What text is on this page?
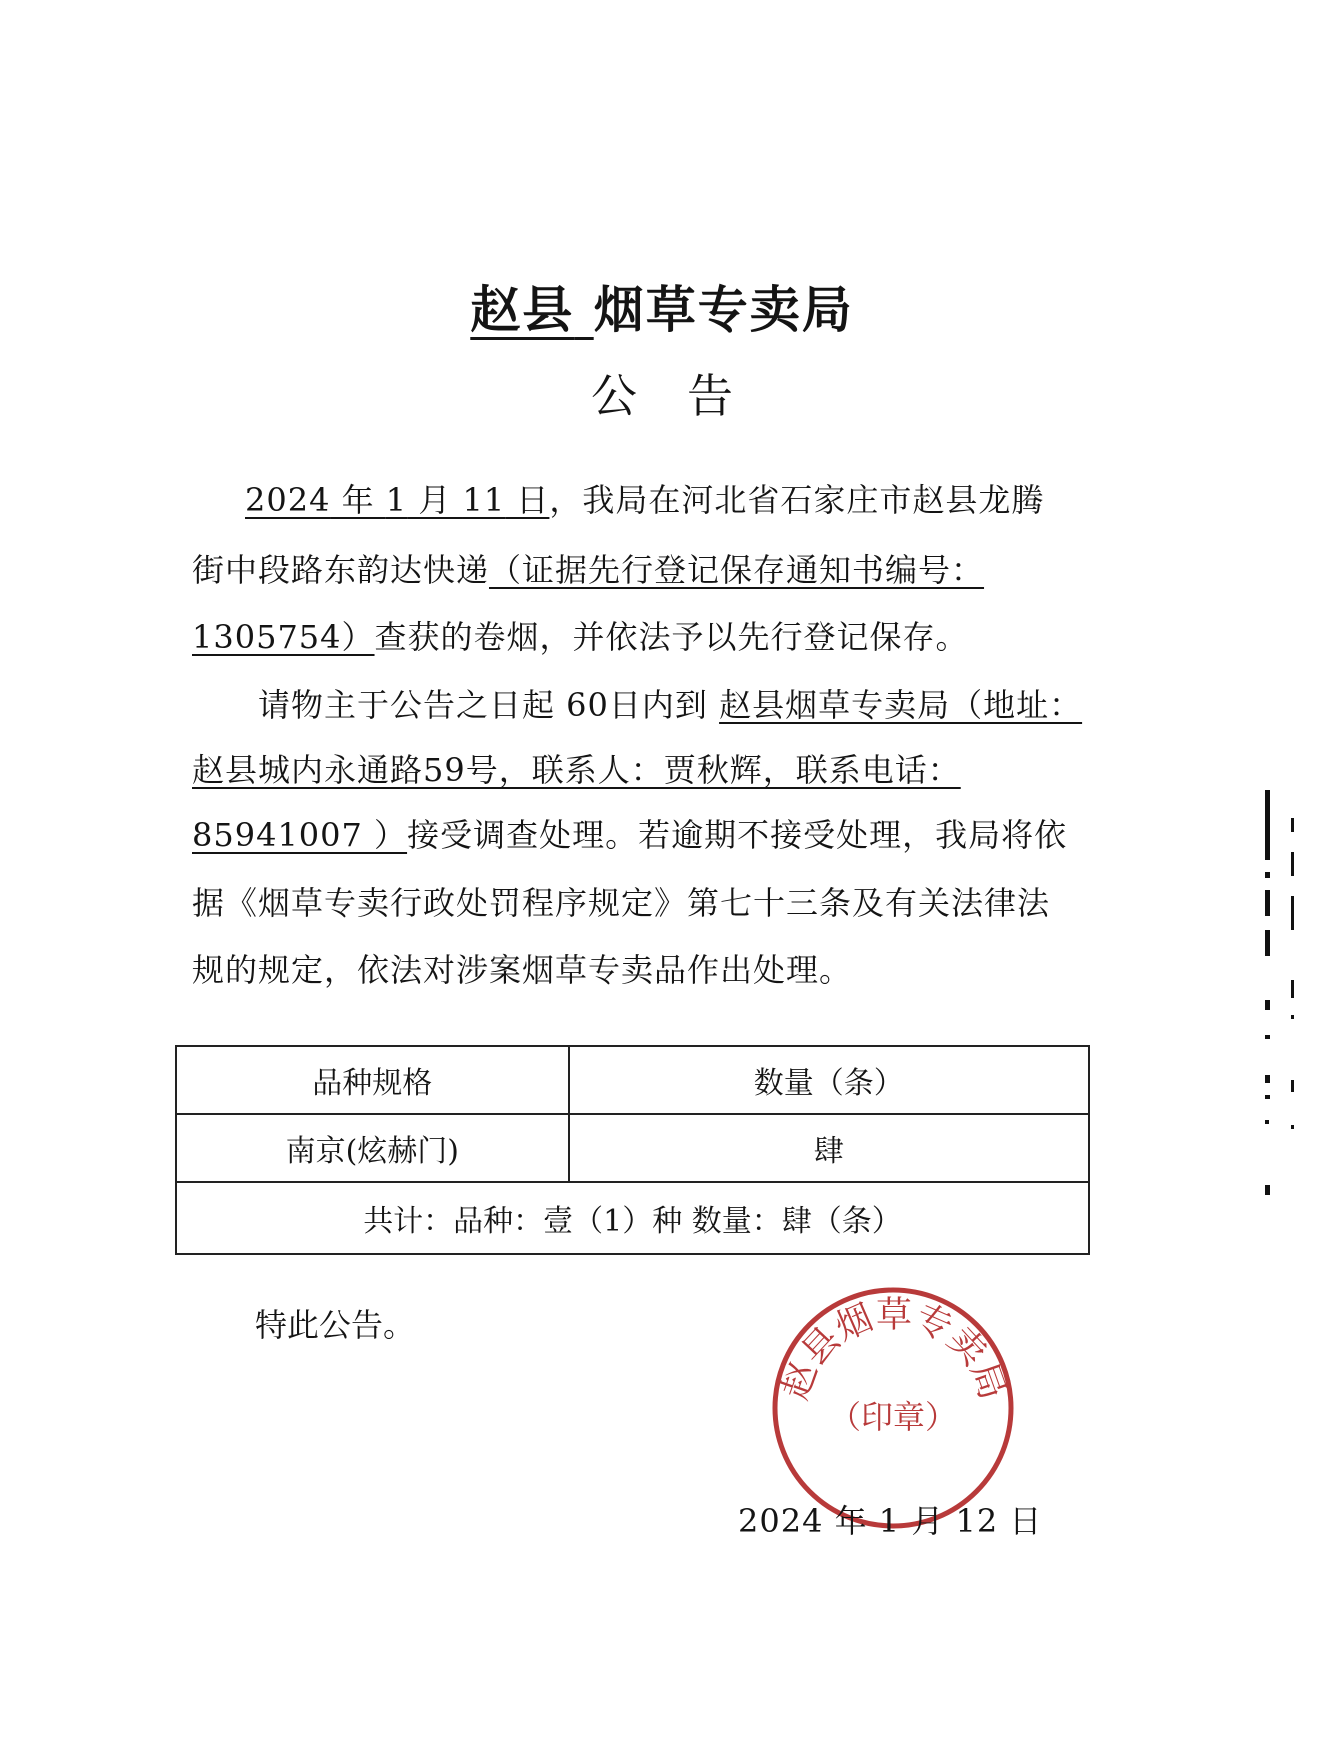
赵县 烟草专卖局
公告
2024 年 1 月 11 日，我局在河北省石家庄市赵县龙腾
街中段路东韵达快递（证据先行登记保存通知书编号：
1305754）查获的卷烟，并依法予以先行登记保存。
请物主于公告之日起 60日内到 赵县烟草专卖局（地址：
赵县城内永通路59号，联系人：贾秋辉，联系电话：
85941007 ）接受调查处理。若逾期不接受处理，我局将依
据《烟草专卖行政处罚程序规定》第七十三条及有关法律法
规的规定，依法对涉案烟草专卖品作出处理。
品种规格	数量（条）
南京(炫赫门)	肆
共计：品种：壹（1）种 数量：肆（条）	
特此公告。
赵县烟草专卖局
（印章）
2024 年 1 月 12 日
